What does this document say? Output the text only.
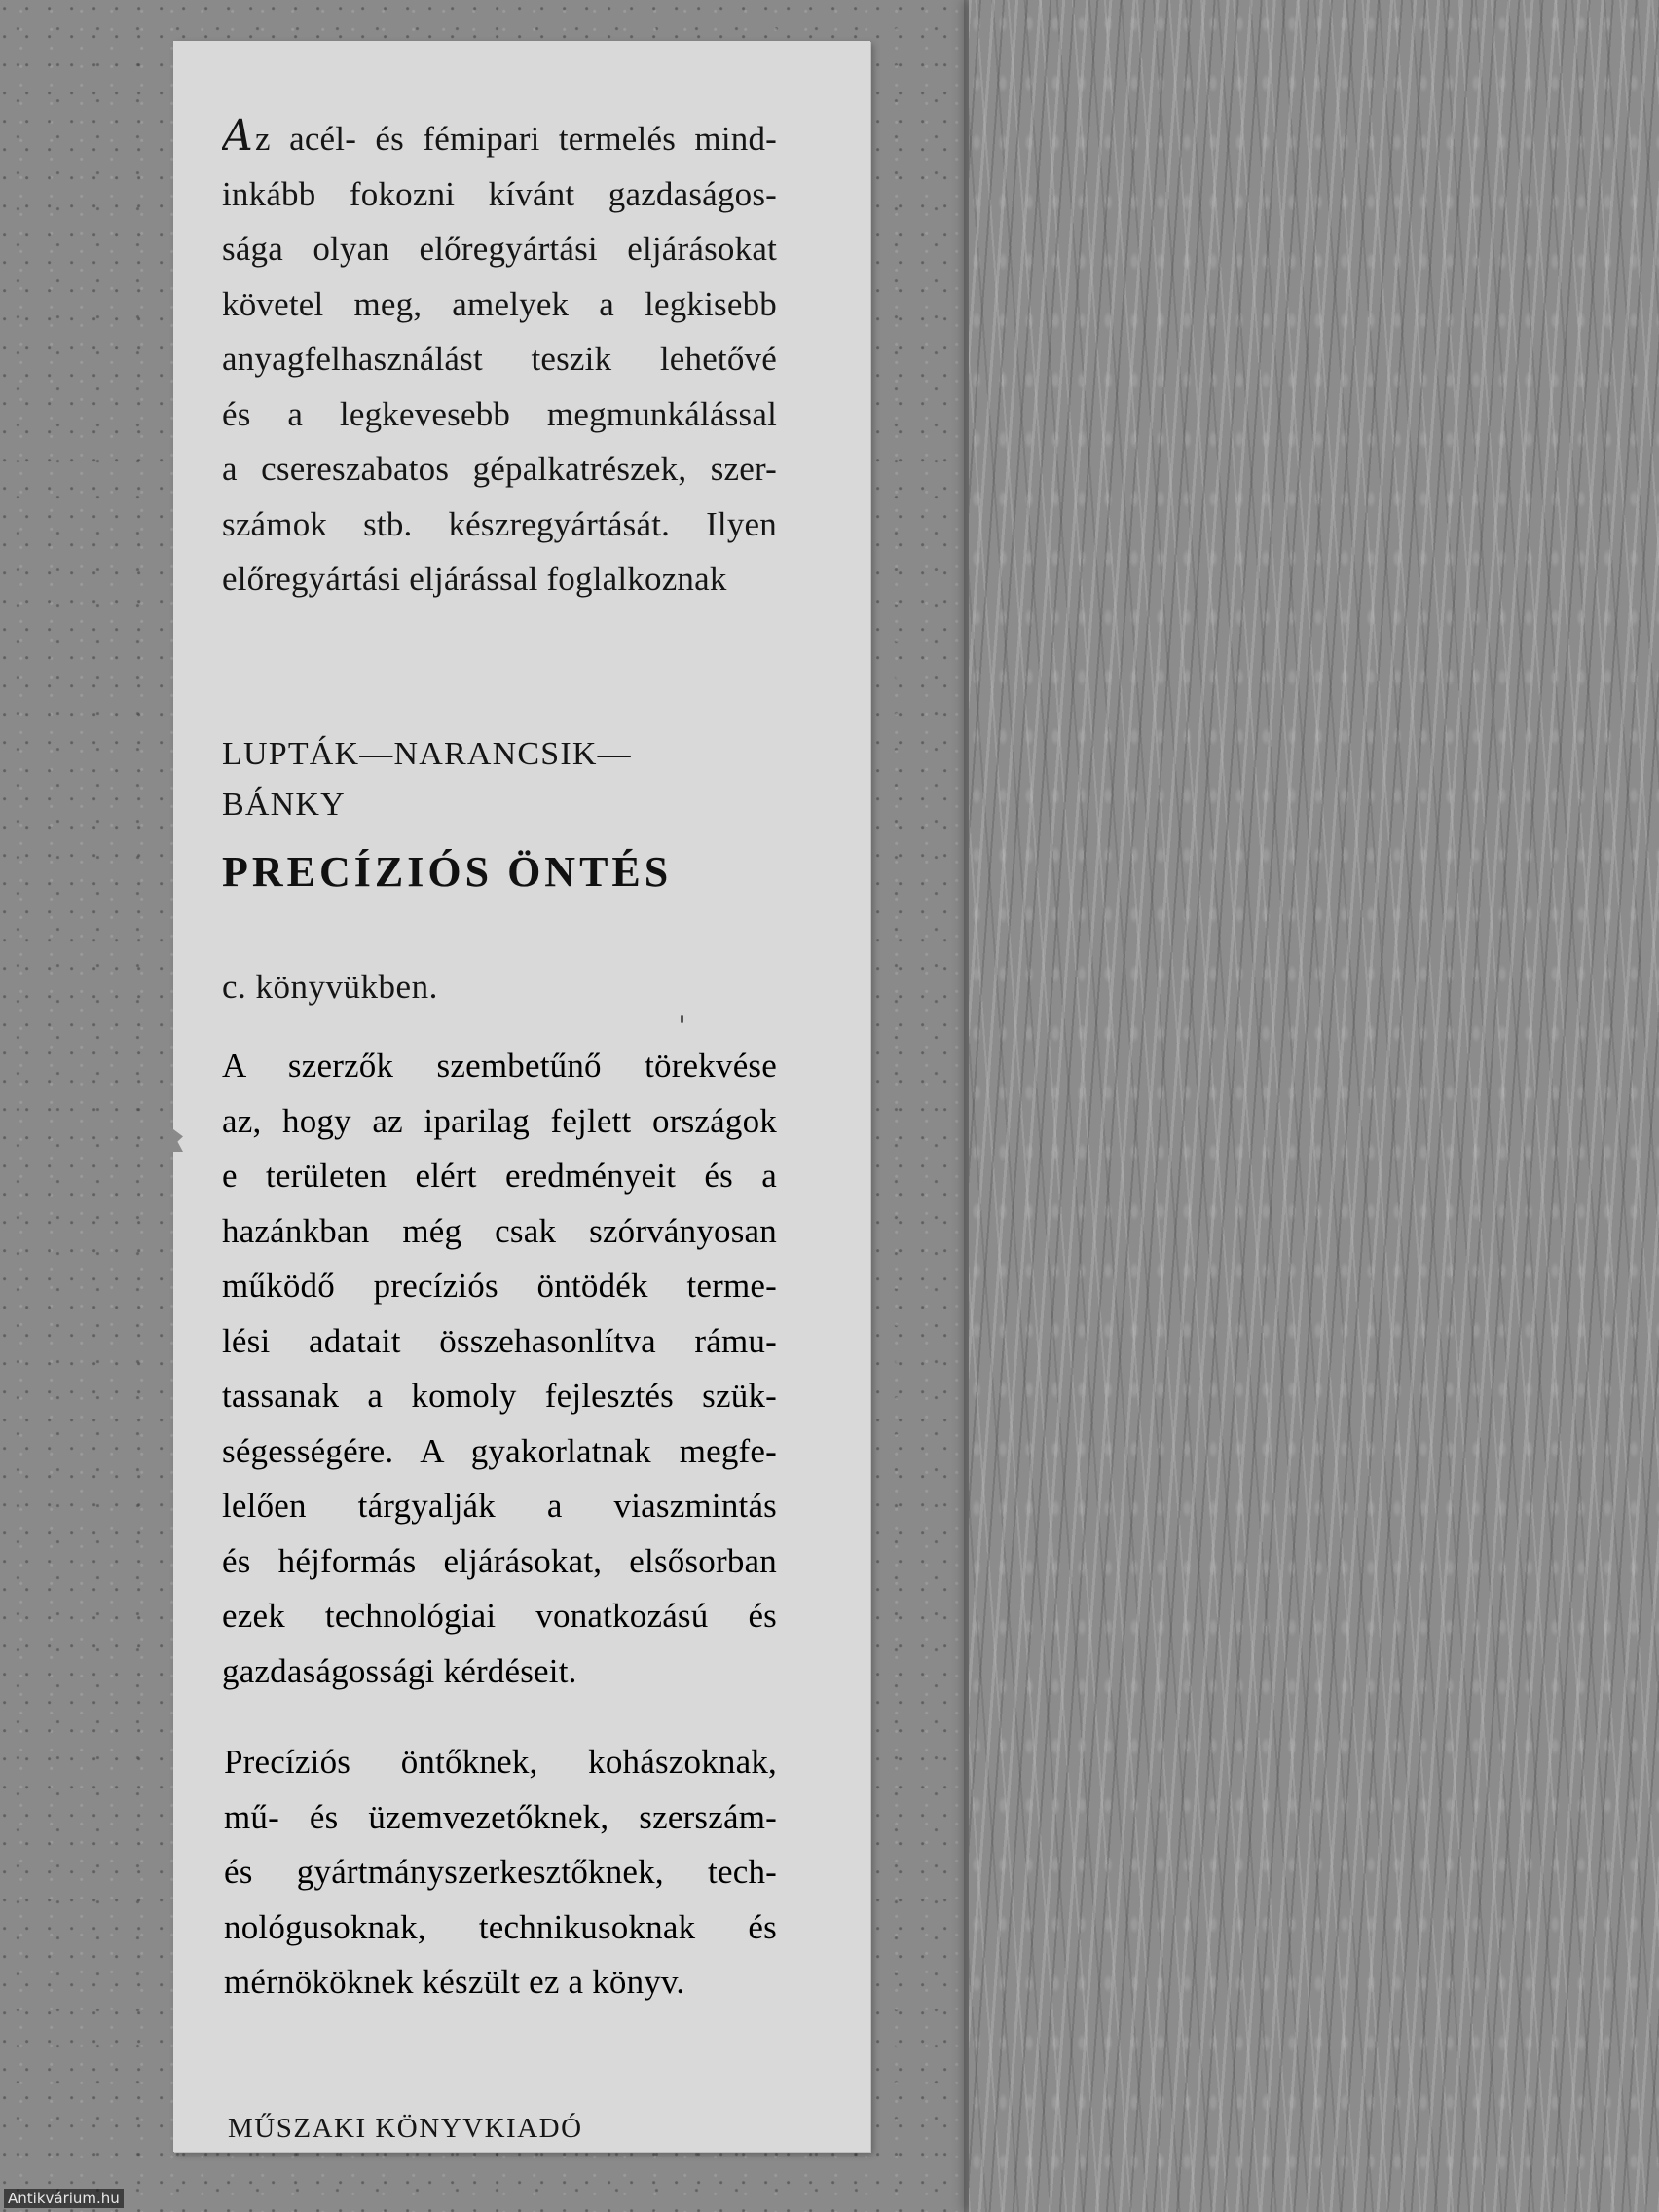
Az acél- és fémipari termelés mind-
inkább fokozni kívánt gazdaságos-
sága olyan előregyártási eljárásokat
követel meg, amelyek a legkisebb
anyagfelhasználást teszik lehetővé
és a legkevesebb megmunkálással
a csereszabatos gépalkatrészek, szer-
számok stb. készregyártását. Ilyen
előregyártási eljárással foglalkoznak

LUPTÁK—NARANCSIK—
BÁNKY
PRECÍZIÓS ÖNTÉS
c. könyvükben.

A szerzők szembetűnő törekvése
az, hogy az iparilag fejlett országok
e területen elért eredményeit és a
hazánkban még csak szórványosan
működő precíziós öntödék terme-
lési adatait összehasonlítva rámu-
tassanak a komoly fejlesztés szük-
ségességére. A gyakorlatnak megfe-
lelően tárgyalják a viaszmintás
és héjformás eljárásokat, elsősorban
ezek technológiai vonatkozású és
gazdaságossági kérdéseit.

Precíziós öntőknek, kohászoknak,
mű- és üzemvezetőknek, szerszám-
és gyártmányszerkesztőknek, tech-
nológusoknak, technikusoknak és
mérnököknek készült ez a könyv.

MŰSZAKI KÖNYVKIADÓ
Antikvárium.hu
